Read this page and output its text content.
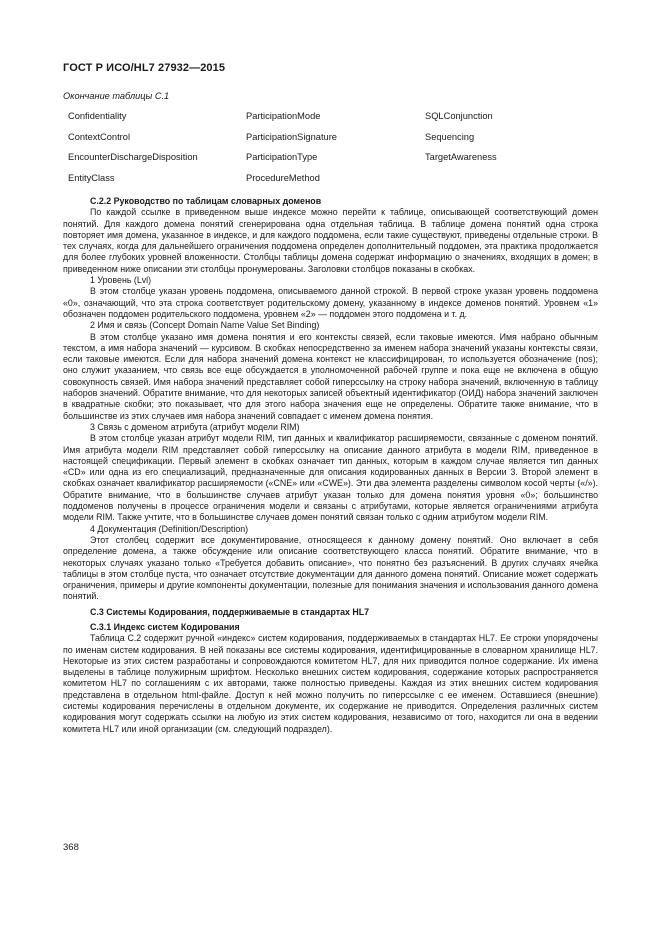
ГОСТ Р ИСО/HL7 27932—2015
Окончание таблицы С.1
Confidentiality	ParticipationMode	SQLConjunction
ContextControl	ParticipationSignature	Sequencing
EncounterDischargeDisposition	ParticipationType	TargetAwareness
EntityClass	ProcedureMethod

С.2.2 Руководство по таблицам словарных доменов

По каждой ссылке в приведенном выше индексе можно перейти к таблице, описывающей соответствующий домен понятий. Для каждого домена понятий сгенерирована одна отдельная таблица. В таблице домена понятий одна строка повторяет имя домена, указанное в индексе, и для каждого поддомена, если такие существуют, приведены отдельные строки. В тех случаях, когда для дальнейшего ограничения поддомена определен дополнительный поддомен, эта практика продолжается для более глубоких уровней вложенности. Столбцы таблицы домена содержат информацию о значениях, входящих в домен; в приведенном ниже описании эти столбцы пронумерованы. Заголовки столбцов показаны в скобках.

1 Уровень (Lvl)

В этом столбце указан уровень поддомена, описываемого данной строкой. В первой строке указан уровень поддомена «0», означающий, что эта строка соответствует родительскому домену, указанному в индексе доменов понятий. Уровнем «1» обозначен поддомен родительского поддомена, уровнем «2» — поддомен этого поддомена и т. д.

2 Имя и связь (Concept Domain Name Value Set Binding)

В этом столбце указано имя домена понятия и его контексты связей, если таковые имеются. Имя набрано обычным текстом, а имя набора значений — курсивом. В скобках непосредственно за именем набора значений указаны контексты связи, если таковые имеются. Если для набора значений домена контекст не классифицирован, то используется обозначение (nos); оно служит указанием, что связь все еще обсуждается в уполномоченной рабочей группе и пока еще не включена в общую совокупность связей. Имя набора значений представляет собой гиперссылку на строку набора значений, включенную в таблицу наборов значений. Обратите внимание, что для некоторых записей объектный идентификатор (ОИД) набора значений заключен в квадратные скобки; это показывает, что для этого набора значения еще не определены. Обратите также внимание, что в большинстве из этих случаев имя набора значений совпадает с именем домена понятия.

3 Связь с доменом атрибута (атрибут модели RIM)

В этом столбце указан атрибут модели RIM, тип данных и квалификатор расширяемости, связанные с доменом понятий. Имя атрибута модели RIM представляет собой гиперссылку на описание данного атрибута в модели RIM, приведенное в настоящей спецификации. Первый элемент в скобках означает тип данных, которым в каждом случае является тип данных «CD» или одна из его специализаций, предназначенные для описания кодированных данных в Версии 3. Второй элемент в скобках означает квалификатор расширяемости («CNE» или «CWE»). Эти два элемента разделены символом косой черты («/»). Обратите внимание, что в большинстве случаев атрибут указан только для домена понятия уровня «0»; большинство поддоменов получены в процессе ограничения модели и связаны с атрибутами, которые является ограничениями атрибута модели RIM. Также учтите, что в большинстве случаев домен понятий связан только с одним атрибутом модели RIM.

4 Документация (Definition/Description)

Этот столбец содержит все документирование, относящееся к данному домену понятий. Оно включает в себя определение домена, а также обсуждение или описание соответствующего класса понятий. Обратите внимание, что в некоторых случаях указано только «Требуется добавить описание», что понятно без разъяснений. В других случаях ячейка таблицы в этом столбце пуста, что означает отсутствие документации для данного домена понятий. Описание может содержать ограничения, примеры и другие компоненты документации, полезные для понимания значения и использования данного домена понятий.

С.3 Системы Кодирования, поддерживаемые в стандартах HL7

С.3.1 Индекс систем Кодирования

Таблица С.2 содержит ручной «индекс» систем кодирования, поддерживаемых в стандартах HL7. Ее строки упорядочены по именам систем кодирования. В ней показаны все системы кодирования, идентифицированные в словарном хранилище HL7. Некоторые из этих систем разработаны и сопровождаются комитетом HL7, для них приводится полное содержание. Их имена выделены в таблице полужирным шрифтом. Несколько внешних систем кодирования, содержание которых распространяется комитетом HL7 по соглашениям с их авторами, также полностью приведены. Каждая из этих внешних систем кодирования представлена в отдельном html-файле. Доступ к ней можно получить по гиперссылке с ее именем. Оставшиеся (внешние) системы кодирования перечислены в отдельном документе, их содержание не приводится. Определения различных систем кодирования могут содержать ссылки на любую из этих систем кодирования, независимо от того, находится ли она в ведении комитета HL7 или иной организации (см. следующий подраздел).

368
